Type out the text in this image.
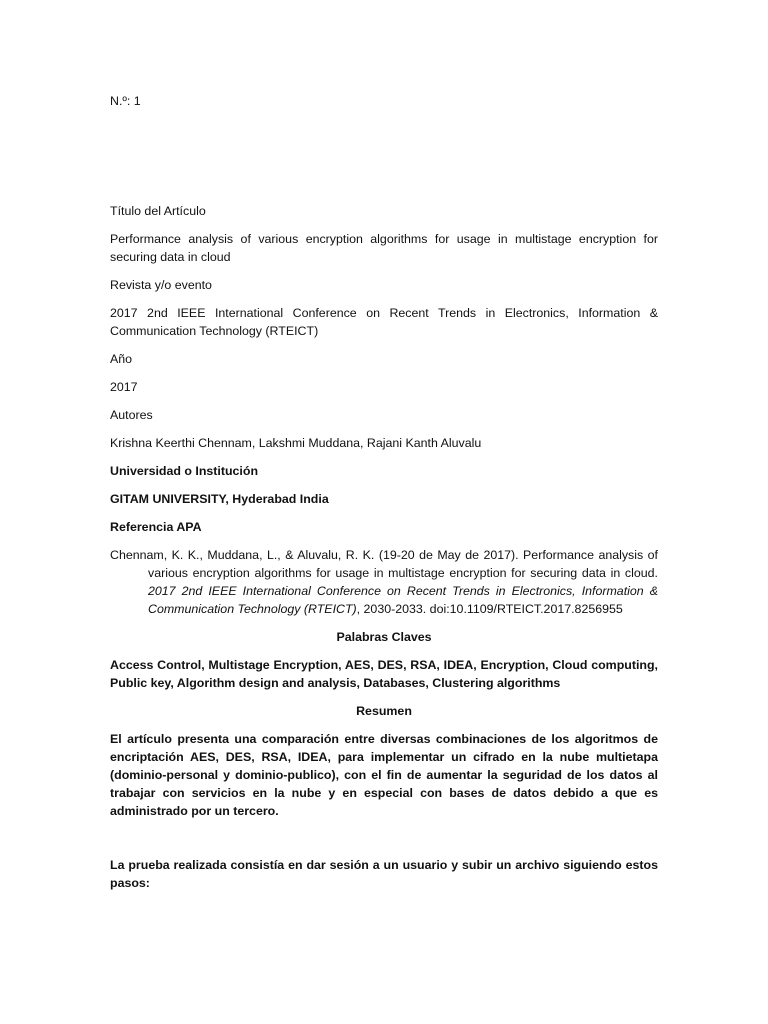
N.º: 1

Título del Artículo

Performance analysis of various encryption algorithms for usage in multistage encryption for securing data in cloud

Revista y/o evento

2017 2nd IEEE International Conference on Recent Trends in Electronics, Information & Communication Technology (RTEICT)

Año

2017

Autores

Krishna Keerthi Chennam, Lakshmi Muddana, Rajani Kanth Aluvalu

Universidad o Institución

GITAM UNIVERSITY, Hyderabad India

Referencia APA

Chennam, K. K., Muddana, L., & Aluvalu, R. K. (19-20 de May de 2017). Performance analysis of various encryption algorithms for usage in multistage encryption for securing data in cloud. 2017 2nd IEEE International Conference on Recent Trends in Electronics, Information & Communication Technology (RTEICT), 2030-2033. doi:10.1109/RTEICT.2017.8256955

Palabras Claves

Access Control, Multistage Encryption, AES, DES, RSA, IDEA, Encryption, Cloud computing, Public key, Algorithm design and analysis, Databases, Clustering algorithms

Resumen

El artículo presenta una comparación entre diversas combinaciones de los algoritmos de encriptación AES, DES, RSA, IDEA, para implementar un cifrado en la nube multietapa (dominio-personal y dominio-publico), con el fin de aumentar la seguridad de los datos al trabajar con servicios en la nube y en especial con bases de datos debido a que es administrado por un tercero.

La prueba realizada consistía en dar sesión a un usuario y subir un archivo siguiendo estos pasos:
